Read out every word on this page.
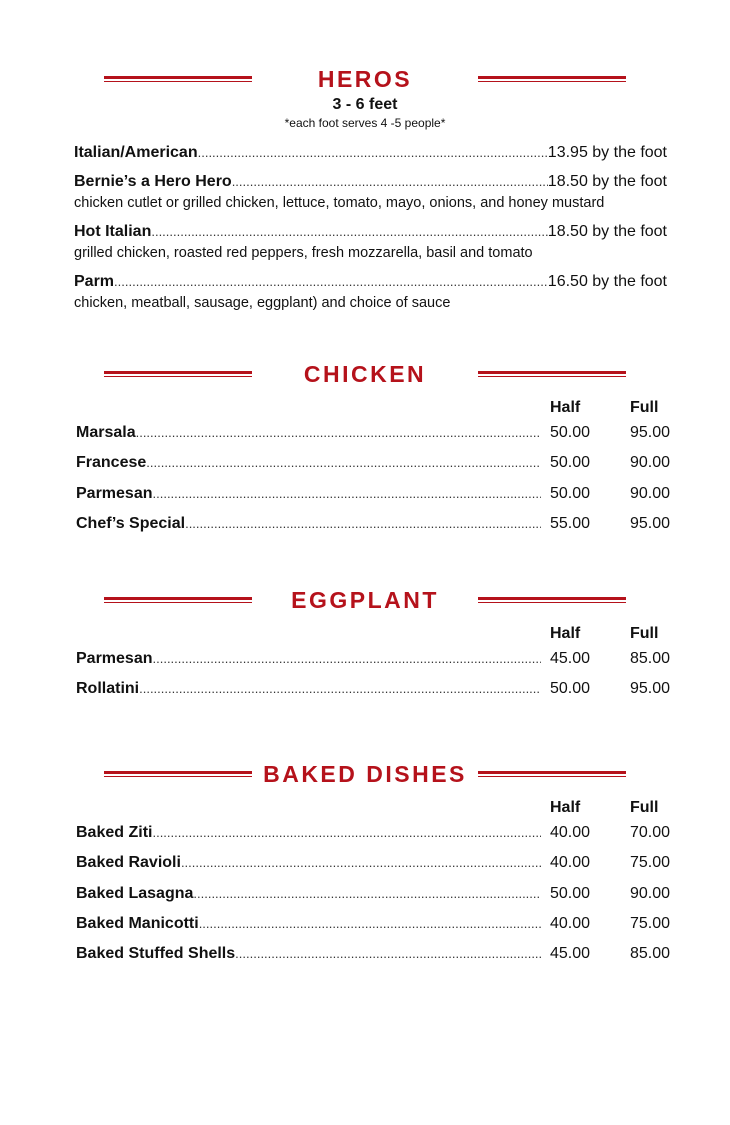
HEROS
3 - 6 feet
*each foot serves 4 -5 people*
Italian/American .....	13.95 by the foot
Bernie’s a Hero Hero .....	18.50 by the foot
chicken cutlet or grilled chicken, lettuce, tomato, mayo, onions, and honey mustard
Hot Italian .....	18.50 by the foot
grilled chicken, roasted red peppers, fresh mozzarella, basil and tomato
Parm .....	16.50 by the foot
chicken, meatball, sausage, eggplant) and choice of sauce
CHICKEN
Half	Full
Marsala .....	50.00 95.00
Francese .....	50.00 90.00
Parmesan .....	50.00 90.00
Chef’s Special .....	55.00 95.00
EGGPLANT
Half	Full
Parmesan .....	45.00 85.00
Rollatini .....	50.00 95.00
BAKED DISHES
Half	Full
Baked Ziti .....	40.00 70.00
Baked Ravioli .....	40.00 75.00
Baked Lasagna .....	50.00 90.00
Baked Manicotti .....	40.00 75.00
Baked Stuffed Shells .....	45.00 85.00
